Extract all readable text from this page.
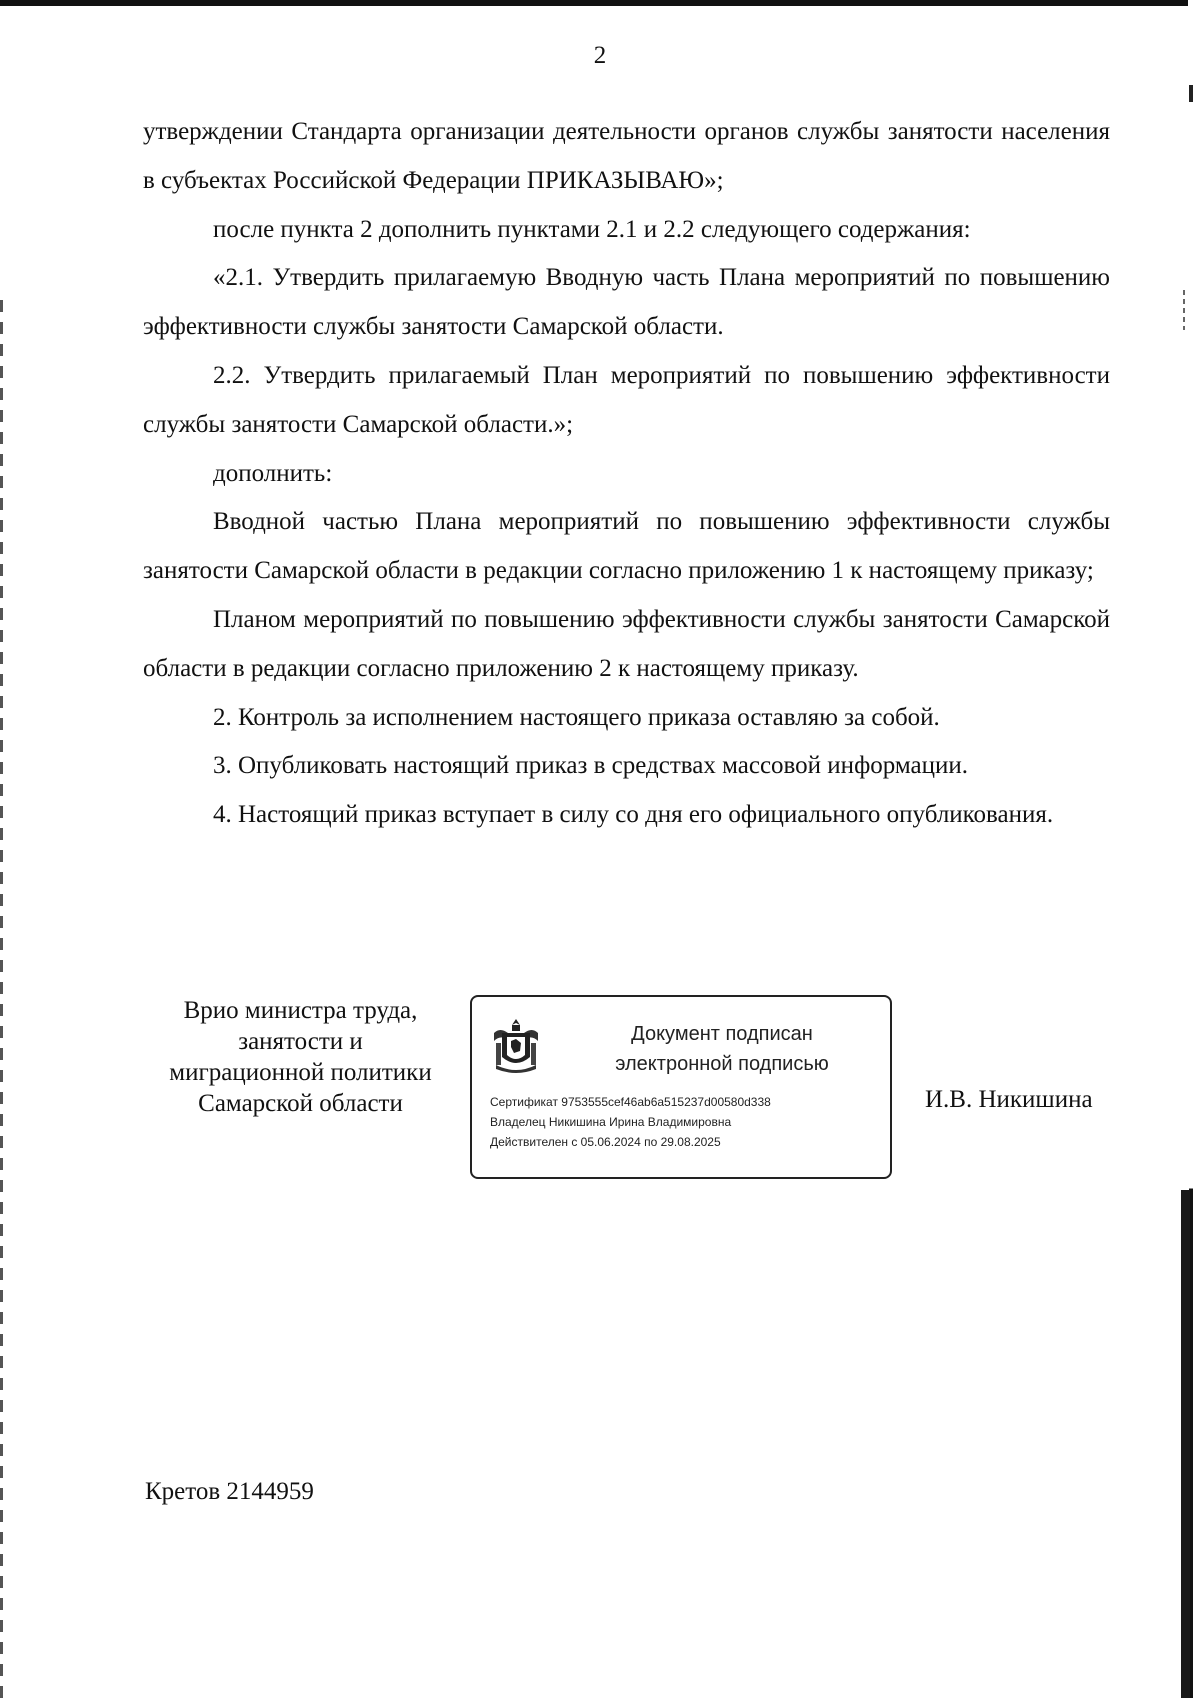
2

утверждении Стандарта организации деятельности органов службы занятости населения в субъектах Российской Федерации ПРИКАЗЫВАЮ»;

после пункта 2 дополнить пунктами 2.1 и 2.2 следующего содержания:

«2.1. Утвердить прилагаемую Вводную часть Плана мероприятий по повышению эффективности службы занятости Самарской области.

2.2. Утвердить прилагаемый План мероприятий по повышению эффективности службы занятости Самарской области.»;

дополнить:

Вводной частью Плана мероприятий по повышению эффективности службы занятости Самарской области в редакции согласно приложению 1 к настоящему приказу;

Планом мероприятий по повышению эффективности службы занятости Самарской области в редакции согласно приложению 2 к настоящему приказу.

2. Контроль за исполнением настоящего приказа оставляю за собой.

3. Опубликовать настоящий приказ в средствах массовой информации.

4. Настоящий приказ вступает в силу со дня его официального опубликования.

Врио министра труда,
занятости и
миграционной политики
Самарской области
Документ подписан
электронной подписью
Сертификат 9753555cef46ab6a515237d00580d338
Владелец Никишина Ирина Владимировна
Действителен с 05.06.2024 по 29.08.2025
И.В. Никишина
Кретов 2144959
